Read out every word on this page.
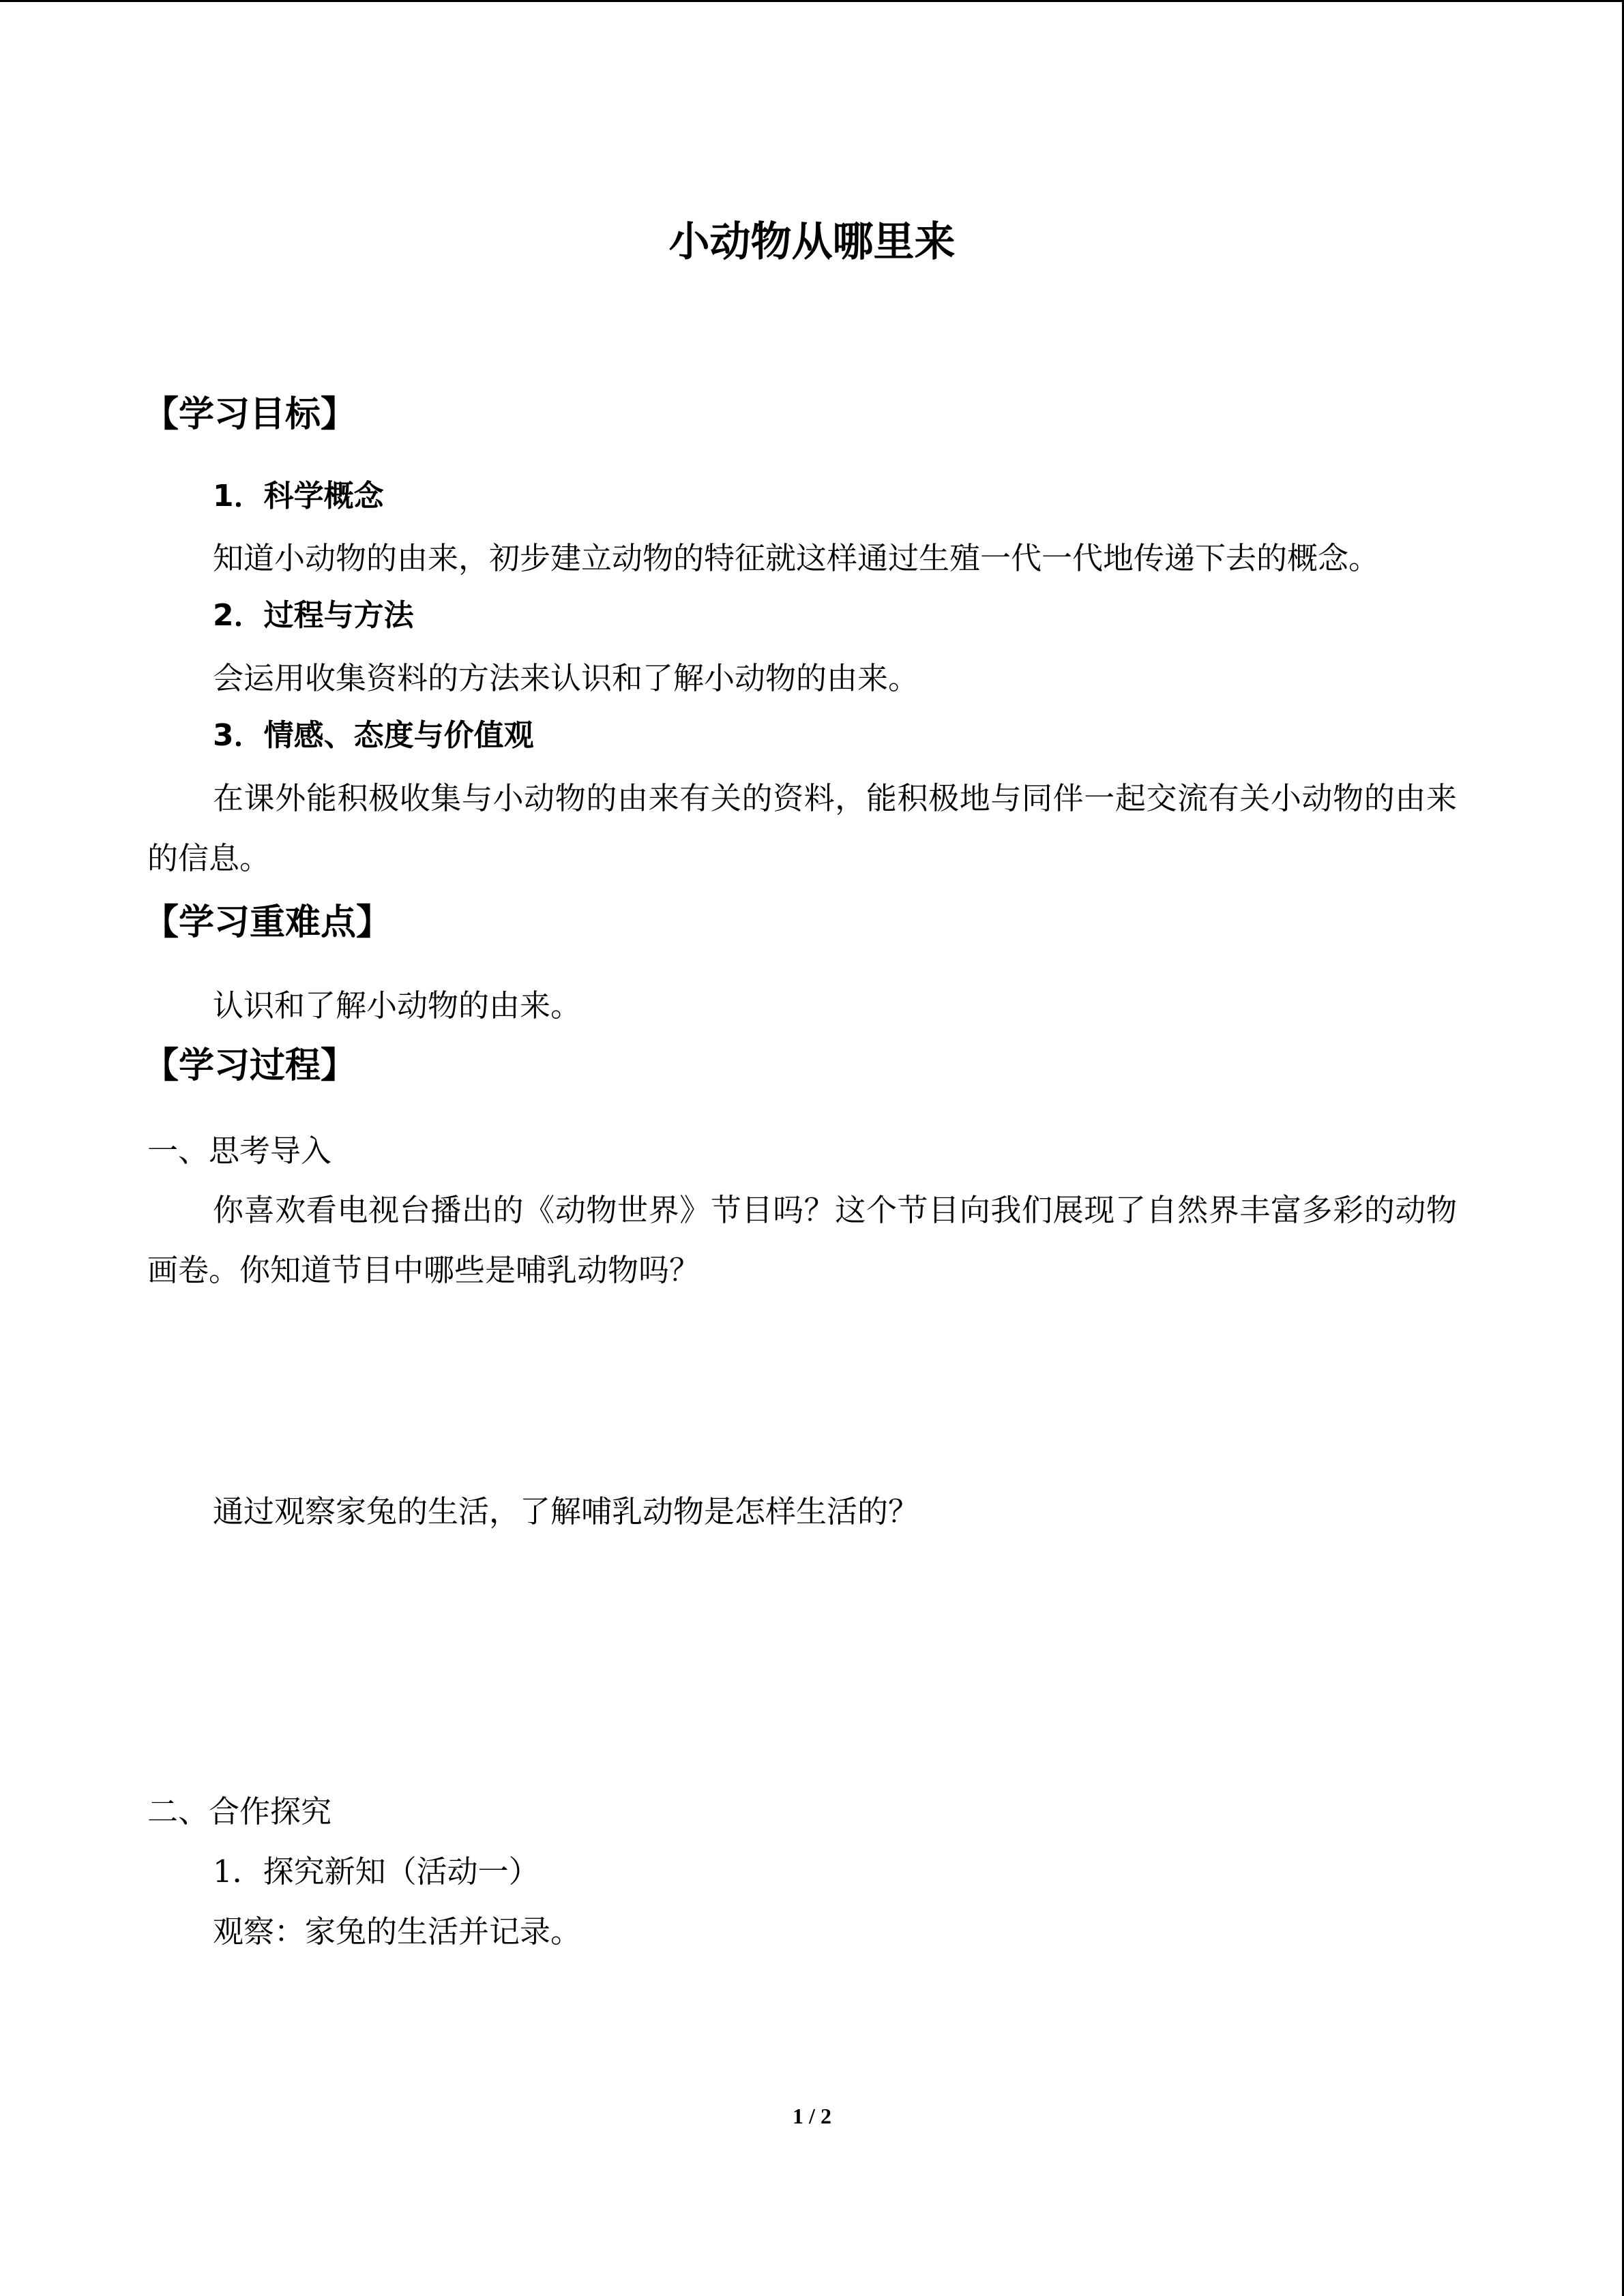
小动物从哪里来
【学习目标】
1．科学概念

知道小动物的由来，初步建立动物的特征就这样通过生殖一代一代地传递下去的概念。

2．过程与方法

会运用收集资料的方法来认识和了解小动物的由来。

3．情感、态度与价值观

在课外能积极收集与小动物的由来有关的资料，能积极地与同伴一起交流有关小动物的由来的信息。

【学习重难点】

认识和了解小动物的由来。

【学习过程】
一、思考导入

你喜欢看电视台播出的《动物世界》节目吗？这个节目向我们展现了自然界丰富多彩的动物画卷。你知道节目中哪些是哺乳动物吗？

通过观察家兔的生活，了解哺乳动物是怎样生活的？
二、合作探究
1．探究新知（活动一）
观察：家兔的生活并记录。
1 / 2
